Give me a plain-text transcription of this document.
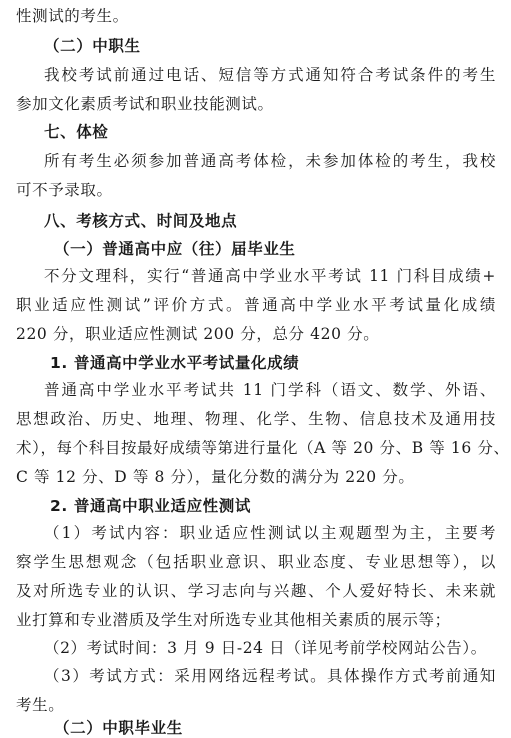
性测试的考生。
（二）中职生
我校考试前通过电话、短信等方式通知符合考试条件的考生
参加文化素质考试和职业技能测试。
七、体检
所有考生必须参加普通高考体检，未参加体检的考生，我校
可不予录取。
八、考核方式、时间及地点
（一）普通高中应（往）届毕业生
不分文理科，实行“普通高中学业水平考试 11 门科目成绩+
职业适应性测试”评价方式。普通高中学业水平考试量化成绩
220 分，职业适应性测试 200 分，总分 420 分。
1. 普通高中学业水平考试量化成绩
普通高中学业水平考试共 11 门学科（语文、数学、外语、
思想政治、历史、地理、物理、化学、生物、信息技术及通用技
术），每个科目按最好成绩等第进行量化（A 等 20 分、B 等 16 分、
C 等 12 分、D 等 8 分），量化分数的满分为 220 分。
2. 普通高中职业适应性测试
（1）考试内容：职业适应性测试以主观题型为主，主要考
察学生思想观念（包括职业意识、职业态度、专业思想等），以
及对所选专业的认识、学习志向与兴趣、个人爱好特长、未来就
业打算和专业潜质及学生对所选专业其他相关素质的展示等；
（2）考试时间：3 月 9 日-24 日（详见考前学校网站公告）。
（3）考试方式：采用网络远程考试。具体操作方式考前通知
考生。
（二）中职毕业生
